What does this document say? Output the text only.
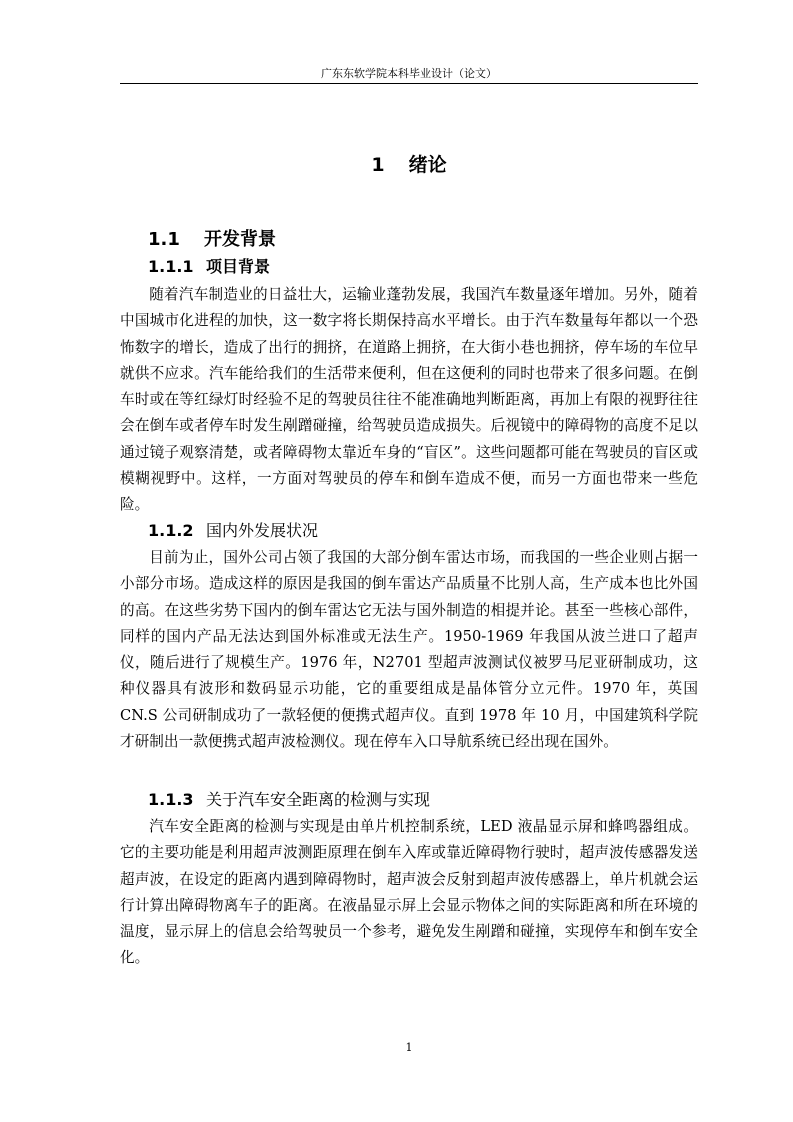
广东东软学院本科毕业设计（论文）
1 绪论
1.1 开发背景
1.1.1 项目背景

随着汽车制造业的日益壮大，运输业蓬勃发展，我国汽车数量逐年增加。另外，随着中国城市化进程的加快，这一数字将长期保持高水平增长。由于汽车数量每年都以一个恐怖数字的增长，造成了出行的拥挤，在道路上拥挤，在大街小巷也拥挤，停车场的车位早就供不应求。汽车能给我们的生活带来便利，但在这便利的同时也带来了很多问题。在倒车时或在等红绿灯时经验不足的驾驶员往往不能准确地判断距离，再加上有限的视野往往会在倒车或者停车时发生剐蹭碰撞，给驾驶员造成损失。后视镜中的障碍物的高度不足以通过镜子观察清楚，或者障碍物太靠近车身的“盲区”。这些问题都可能在驾驶员的盲区或模糊视野中。这样，一方面对驾驶员的停车和倒车造成不便，而另一方面也带来一些危险。

1.1.2 国内外发展状况

目前为止，国外公司占领了我国的大部分倒车雷达市场，而我国的一些企业则占据一小部分市场。造成这样的原因是我国的倒车雷达产品质量不比别人高，生产成本也比外国的高。在这些劣势下国内的倒车雷达它无法与国外制造的相提并论。甚至一些核心部件，同样的国内产品无法达到国外标准或无法生产。1950-1969 年我国从波兰进口了超声仪，随后进行了规模生产。1976 年，N2701 型超声波测试仪被罗马尼亚研制成功，这种仪器具有波形和数码显示功能，它的重要组成是晶体管分立元件。1970 年，英国 CN.S 公司研制成功了一款轻便的便携式超声仪。直到 1978 年 10 月，中国建筑科学院才研制出一款便携式超声波检测仪。现在停车入口导航系统已经出现在国外。

1.1.3 关于汽车安全距离的检测与实现

汽车安全距离的检测与实现是由单片机控制系统，LED 液晶显示屏和蜂鸣器组成。它的主要功能是利用超声波测距原理在倒车入库或靠近障碍物行驶时，超声波传感器发送超声波，在设定的距离内遇到障碍物时，超声波会反射到超声波传感器上，单片机就会运行计算出障碍物离车子的距离。在液晶显示屏上会显示物体之间的实际距离和所在环境的温度，显示屏上的信息会给驾驶员一个参考，避免发生剐蹭和碰撞，实现停车和倒车安全化。

1
